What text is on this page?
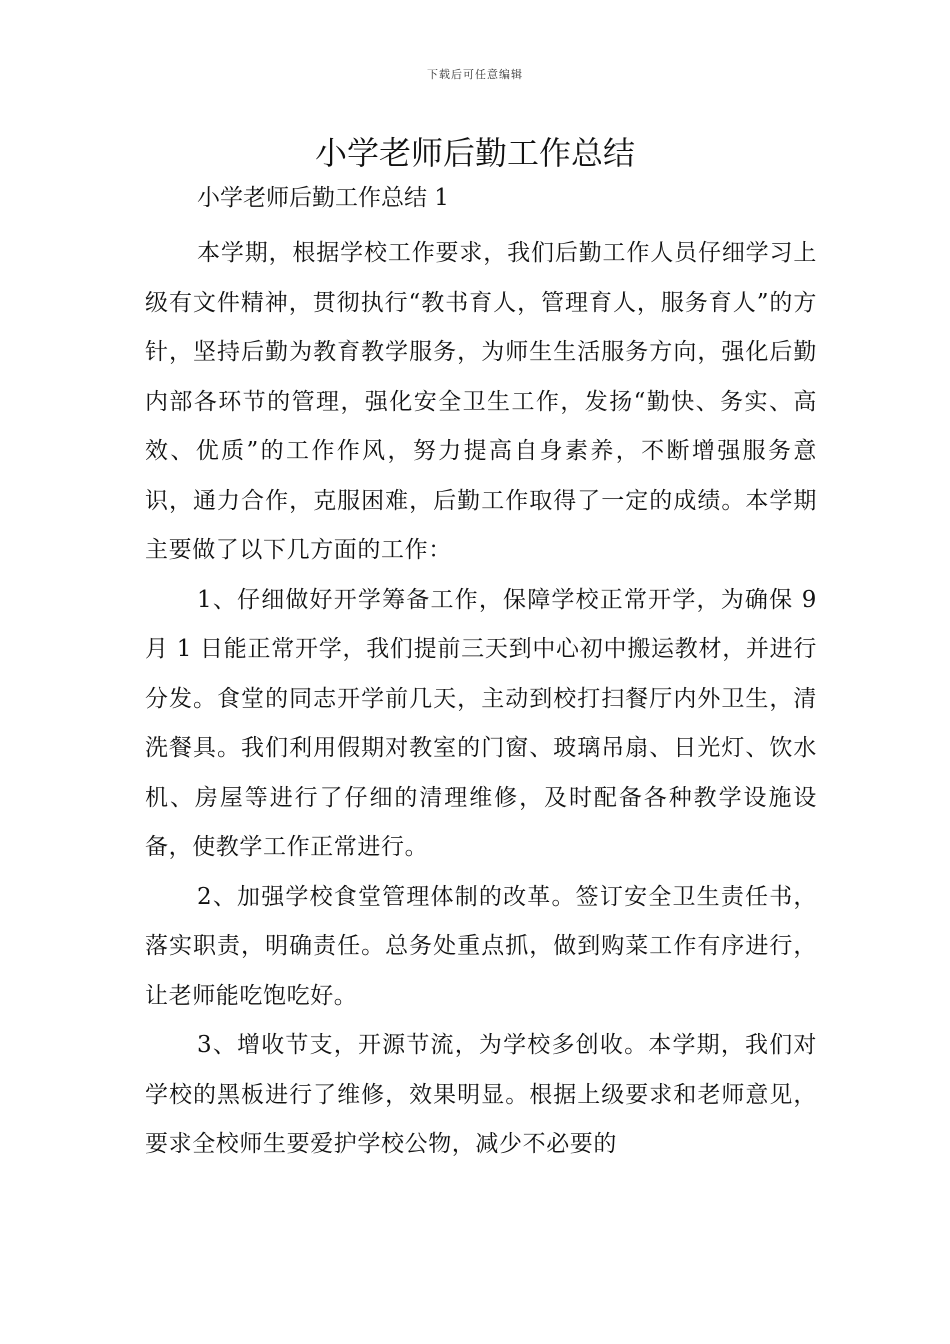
下载后可任意编辑
小学老师后勤工作总结

小学老师后勤工作总结 1

本学期，根据学校工作要求，我们后勤工作人员仔细学习上级有文件精神，贯彻执行“教书育人，管理育人，服务育人”的方针，坚持后勤为教育教学服务，为师生生活服务方向，强化后勤内部各环节的管理，强化安全卫生工作，发扬“勤快、务实、高效、优质”的工作作风，努力提高自身素养，不断增强服务意识，通力合作，克服困难，后勤工作取得了一定的成绩。本学期主要做了以下几方面的工作：

1、仔细做好开学筹备工作，保障学校正常开学，为确保 9 月 1 日能正常开学，我们提前三天到中心初中搬运教材，并进行分发。食堂的同志开学前几天，主动到校打扫餐厅内外卫生，清洗餐具。我们利用假期对教室的门窗、玻璃吊扇、日光灯、饮水机、房屋等进行了仔细的清理维修，及时配备各种教学设施设备，使教学工作正常进行。

2、加强学校食堂管理体制的改革。签订安全卫生责任书，落实职责，明确责任。总务处重点抓，做到购菜工作有序进行，让老师能吃饱吃好。

3、增收节支，开源节流，为学校多创收。本学期，我们对学校的黑板进行了维修，效果明显。根据上级要求和老师意见，要求全校师生要爱护学校公物，减少不必要的
